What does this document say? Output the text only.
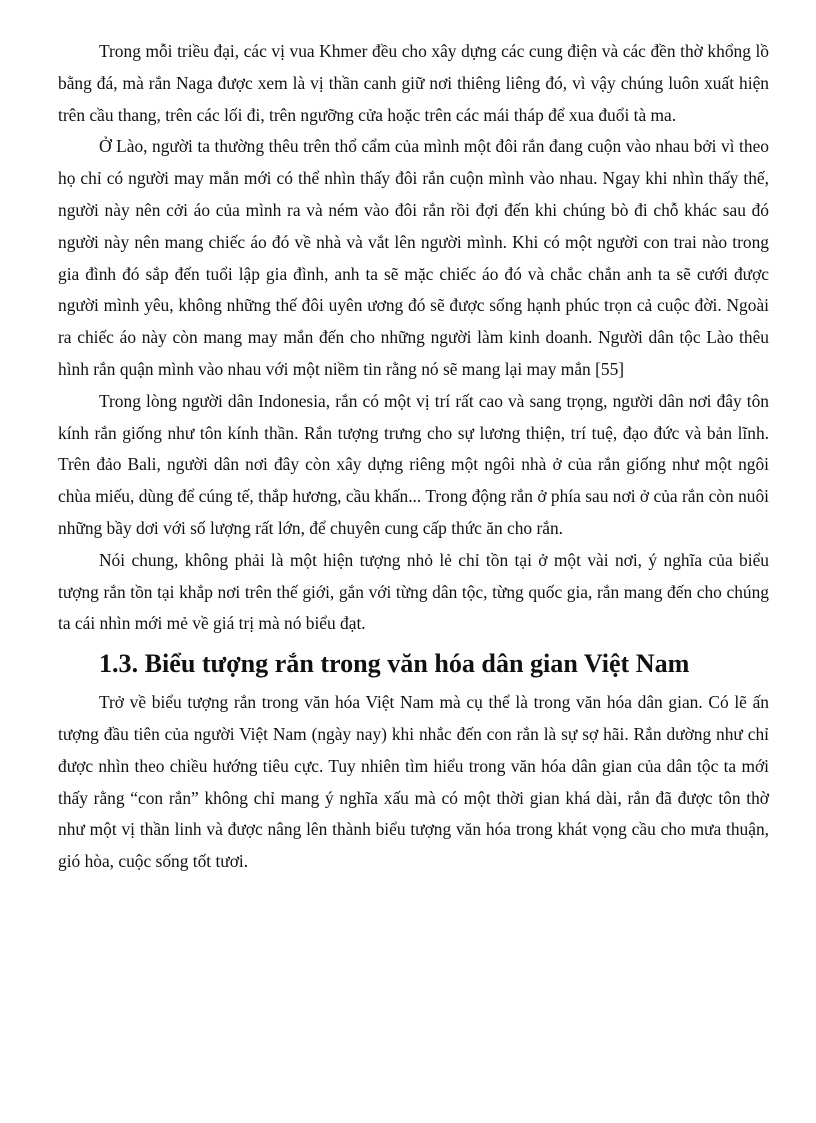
Trong mỗi triều đại, các vị vua Khmer đều cho xây dựng các cung điện và các đền thờ khổng lồ bằng đá, mà rắn Naga được xem là vị thần canh giữ nơi thiêng liêng đó, vì vậy chúng luôn xuất hiện trên cầu thang, trên các lối đi, trên ngưỡng cửa hoặc trên các mái tháp để xua đuổi tà ma.

Ở Lào, người ta thường thêu trên thổ cẩm của mình một đôi rắn đang cuộn vào nhau bởi vì theo họ chỉ có người may mắn mới có thể nhìn thấy đôi rắn cuộn mình vào nhau. Ngay khi nhìn thấy thế, người này nên cởi áo của mình ra và ném vào đôi rắn rồi đợi đến khi chúng bò đi chỗ khác sau đó người này nên mang chiếc áo đó về nhà và vắt lên người mình. Khi có một người con trai nào trong gia đình đó sắp đến tuổi lập gia đình, anh ta sẽ mặc chiếc áo đó và chắc chắn anh ta sẽ cưới được người mình yêu, không những thế đôi uyên ương đó sẽ được sống hạnh phúc trọn cả cuộc đời. Ngoài ra chiếc áo này còn mang may mắn đến cho những người làm kinh doanh. Người dân tộc Lào thêu hình rắn quận mình vào nhau với một niềm tin rằng nó sẽ mang lại may mắn [55]

Trong lòng người dân Indonesia, rắn có một vị trí rất cao và sang trọng, người dân nơi đây tôn kính rắn giống như tôn kính thần. Rắn tượng trưng cho sự lương thiện, trí tuệ, đạo đức và bản lĩnh. Trên đảo Bali, người dân nơi đây còn xây dựng riêng một ngôi nhà ở của rắn giống như một ngôi chùa miếu, dùng để cúng tế, thắp hương, cầu khấn... Trong động rắn ở phía sau nơi ở của rắn còn nuôi những bầy dơi với số lượng rất lớn, để chuyên cung cấp thức ăn cho rắn.

Nói chung, không phải là một hiện tượng nhỏ lẻ chỉ tồn tại ở một vài nơi, ý nghĩa của biểu tượng rắn tồn tại khắp nơi trên thế giới, gắn với từng dân tộc, từng quốc gia, rắn mang đến cho chúng ta cái nhìn mới mẻ về giá trị mà nó biểu đạt.

1.3. Biểu tượng rắn trong văn hóa dân gian Việt Nam

Trở về biểu tượng rắn trong văn hóa Việt Nam mà cụ thể là trong văn hóa dân gian. Có lẽ ấn tượng đầu tiên của người Việt Nam (ngày nay) khi nhắc đến con rắn là sự sợ hãi. Rắn dường như chỉ được nhìn theo chiều hướng tiêu cực. Tuy nhiên tìm hiểu trong văn hóa dân gian của dân tộc ta mới thấy rằng “con rắn” không chỉ mang ý nghĩa xấu mà có một thời gian khá dài, rắn đã được tôn thờ như một vị thần linh và được nâng lên thành biểu tượng văn hóa trong khát vọng cầu cho mưa thuận, gió hòa, cuộc sống tốt tươi.
